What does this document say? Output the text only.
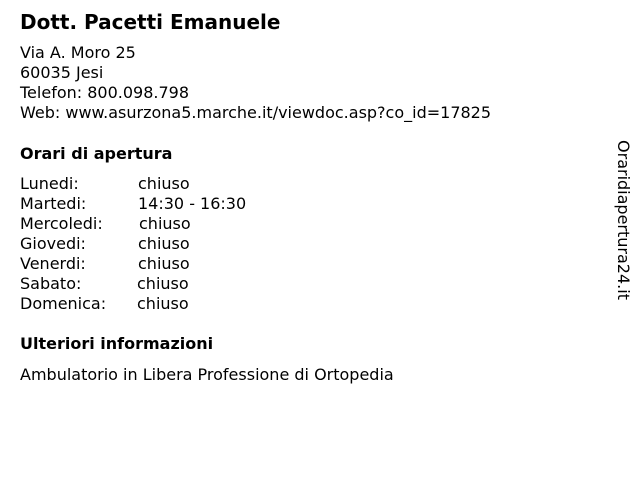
Dott. Pacetti Emanuele
Via A. Moro 25
60035 Jesi
Telefon: 800.098.798
Web: www.asurzona5.marche.it/viewdoc.asp?co_id=17825
Orari di apertura
Lunedi:	chiuso
Martedi:	14:30 - 16:30
Mercoledi: chiuso
Giovedi:	chiuso
Venerdi:	chiuso
Sabato:	chiuso
Domenica: chiuso
Ulteriori informazioni
Ambulatorio in Libera Professione di Ortopedia
Oraridiapertura24.it
